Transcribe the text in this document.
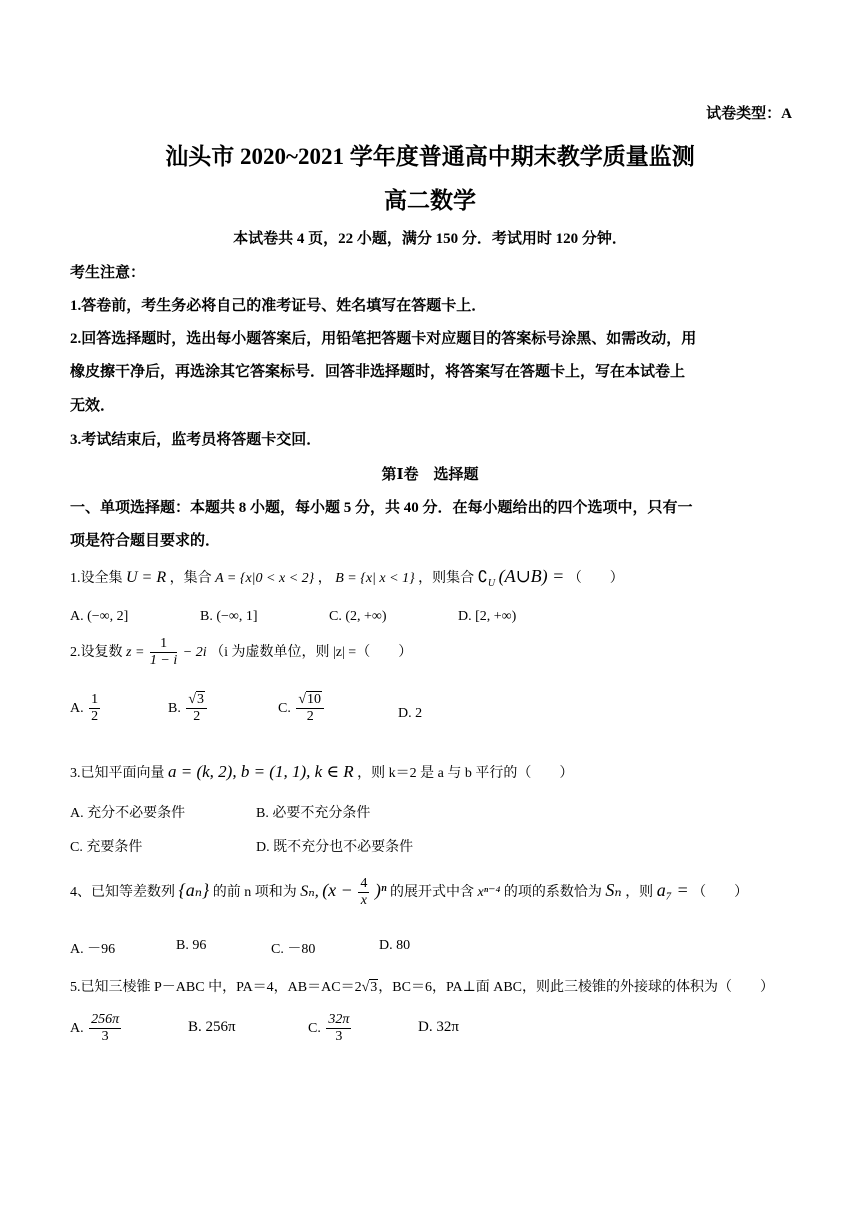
试卷类型：A
汕头市 2020~2021 学年度普通高中期末教学质量监测
高二数学
本试卷共 4 页，22 小题，满分 150 分．考试用时 120 分钟．
考生注意：
1.答卷前，考生务必将自己的准考证号、姓名填写在答题卡上．
2.回答选择题时，选出每小题答案后，用铅笔把答题卡对应题目的答案标号涂黑、如需改动，用
橡皮擦干净后，再选涂其它答案标号．回答非选择题时，将答案写在答题卡上，写在本试卷上
无效．
3.考试结束后，监考员将答题卡交回．
第Ⅰ卷　选择题
一、单项选择题：本题共 8 小题，每小题 5 分，共 40 分．在每小题给出的四个选项中，只有一
项是符合题目要求的．
1.设全集 U = R ，集合 A = {x|0 < x < 2} ， B = {x| x < 1} ，则集合 $∁_U$ (A∪B) = （　　）
A. (−∞, 2]	B. (−∞, 1]	C. (2, +∞)	D. [2, +∞)
2.设复数 $z = \frac{1}{1 - i} - 2i$ （i 为虚数单位，则 |z| =（　　）
A. $\frac{1}{2}$	B. $\frac{√3}{2}$	C. $\frac{√10}{2}$	D. 2
3.已知平面向量 a = (k, 2), b = (1, 1), k ∈ R ，则 k＝2 是 a 与 b 平行的（　　）
A. 充分不必要条件	B. 必要不充分条件
C. 充要条件	D. 既不充分也不必要条件
4、已知等差数列 {aₙ} 的前 n 项和为 Sₙ, $(x - \frac{4}{x} )^n$ 的展开式中含 xⁿ⁻⁴ 的项的系数恰为 Sₙ ，则 a₇ = （　　）
A. －96	B. 96	C. －80	D. 80
5.已知三棱锥 P－ABC 中，PA＝4，AB＝AC＝2√3，BC＝6，PA⊥面 ABC，则此三棱锥的外接球的体积为（　　）
A. $\frac{256\pi}{3}$	B. 256π	C. $\frac{32\pi}{3}$	D. 32π
